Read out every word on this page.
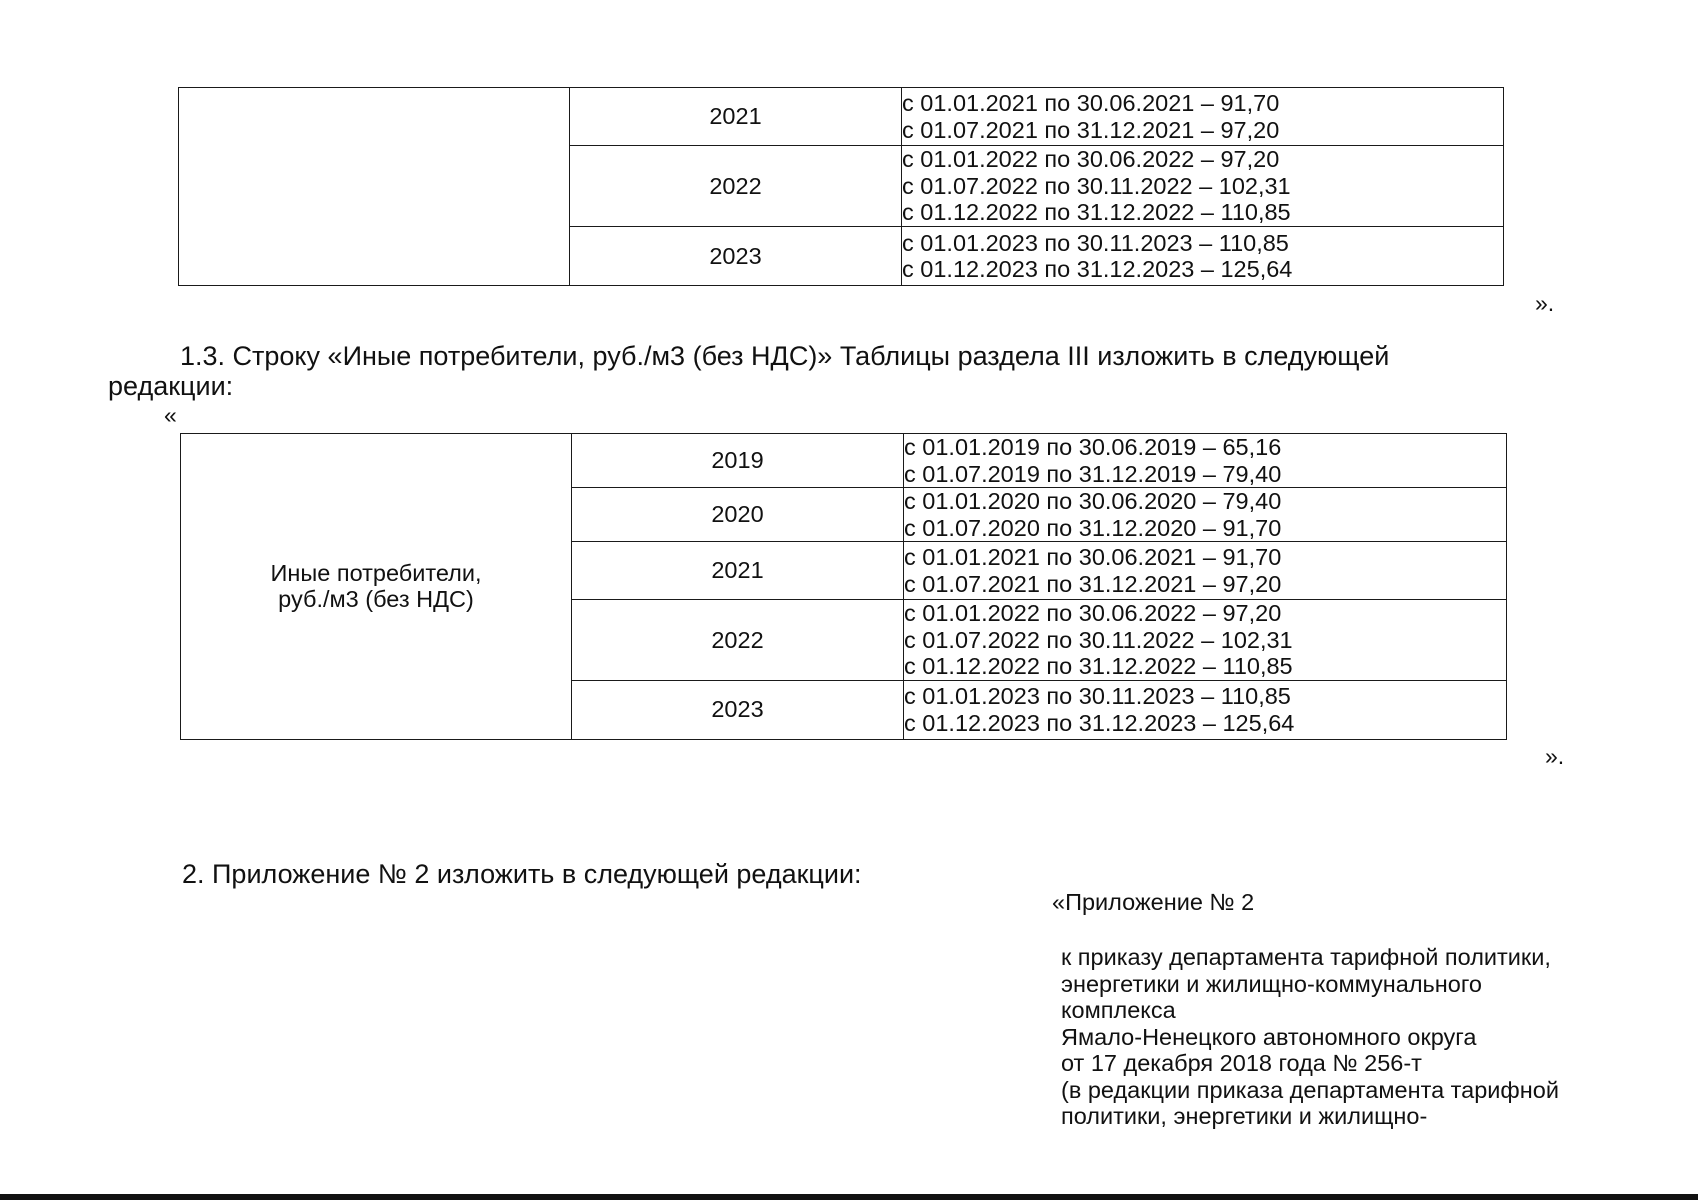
	2021	с 01.01.2021 по 30.06.2021 – 91,70
с 01.07.2021 по 31.12.2021 – 97,20

	2022	с 01.01.2022 по 30.06.2022 – 97,20
с 01.07.2022 по 30.11.2022 – 102,31
с 01.12.2022 по 31.12.2022 – 110,85

	2023	с 01.01.2023 по 30.11.2023 – 110,85
с 01.12.2023 по 31.12.2023 – 125,64
».
1.3. Строку «Иные потребители, руб./м3 (без НДС)» Таблицы раздела III изложить в следующей
редакции:
«
Иные потребители,
руб./м3 (без НДС)	2019	с 01.01.2019 по 30.06.2019 – 65,16
с 01.07.2019 по 31.12.2019 – 79,40

	2020	с 01.01.2020 по 30.06.2020 – 79,40
с 01.07.2020 по 31.12.2020 – 91,70

	2021	с 01.01.2021 по 30.06.2021 – 91,70
с 01.07.2021 по 31.12.2021 – 97,20

	2022	с 01.01.2022 по 30.06.2022 – 97,20
с 01.07.2022 по 30.11.2022 – 102,31
с 01.12.2022 по 31.12.2022 – 110,85

	2023	с 01.01.2023 по 30.11.2023 – 110,85
с 01.12.2023 по 31.12.2023 – 125,64
».
2. Приложение № 2 изложить в следующей редакции:
«Приложение № 2
к приказу департамента тарифной политики,
энергетики и жилищно-коммунального
комплекса
Ямало-Ненецкого автономного округа
от 17 декабря 2018 года № 256-т
(в редакции приказа департамента тарифной
политики, энергетики и жилищно-
